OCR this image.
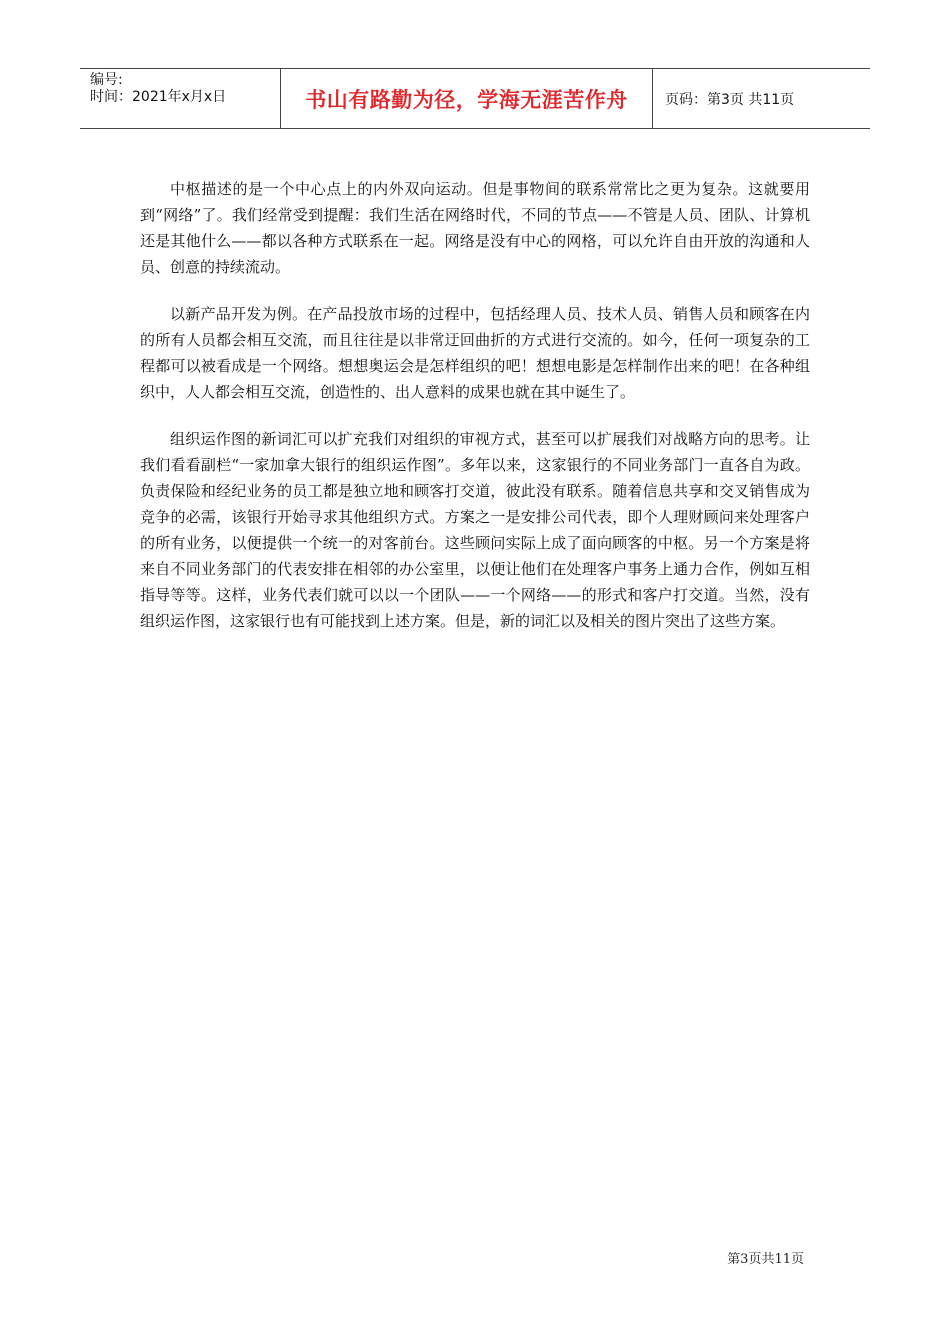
编号:
时间：2021年x月x日	书山有路勤为径，学海无涯苦作舟	页码：第3页 共11页

中枢描述的是一个中心点上的内外双向运动。但是事物间的联系常常比之更为复杂。这就要用到“网络”了。我们经常受到提醒：我们生活在网络时代，不同的节点——不管是人员、团队、计算机还是其他什么——都以各种方式联系在一起。网络是没有中心的网格，可以允许自由开放的沟通和人员、创意的持续流动。

以新产品开发为例。在产品投放市场的过程中，包括经理人员、技术人员、销售人员和顾客在内的所有人员都会相互交流，而且往往是以非常迂回曲折的方式进行交流的。如今，任何一项复杂的工程都可以被看成是一个网络。想想奥运会是怎样组织的吧！想想电影是怎样制作出来的吧！在各种组织中，人人都会相互交流，创造性的、出人意料的成果也就在其中诞生了。

组织运作图的新词汇可以扩充我们对组织的审视方式，甚至可以扩展我们对战略方向的思考。让我们看看副栏“一家加拿大银行的组织运作图”。多年以来，这家银行的不同业务部门一直各自为政。负责保险和经纪业务的员工都是独立地和顾客打交道，彼此没有联系。随着信息共享和交叉销售成为竞争的必需，该银行开始寻求其他组织方式。方案之一是安排公司代表，即个人理财顾问来处理客户的所有业务，以便提供一个统一的对客前台。这些顾问实际上成了面向顾客的中枢。另一个方案是将来自不同业务部门的代表安排在相邻的办公室里，以便让他们在处理客户事务上通力合作，例如互相指导等等。这样，业务代表们就可以以一个团队——一个网络——的形式和客户打交道。当然，没有组织运作图，这家银行也有可能找到上述方案。但是，新的词汇以及相关的图片突出了这些方案。

第3页共11页
